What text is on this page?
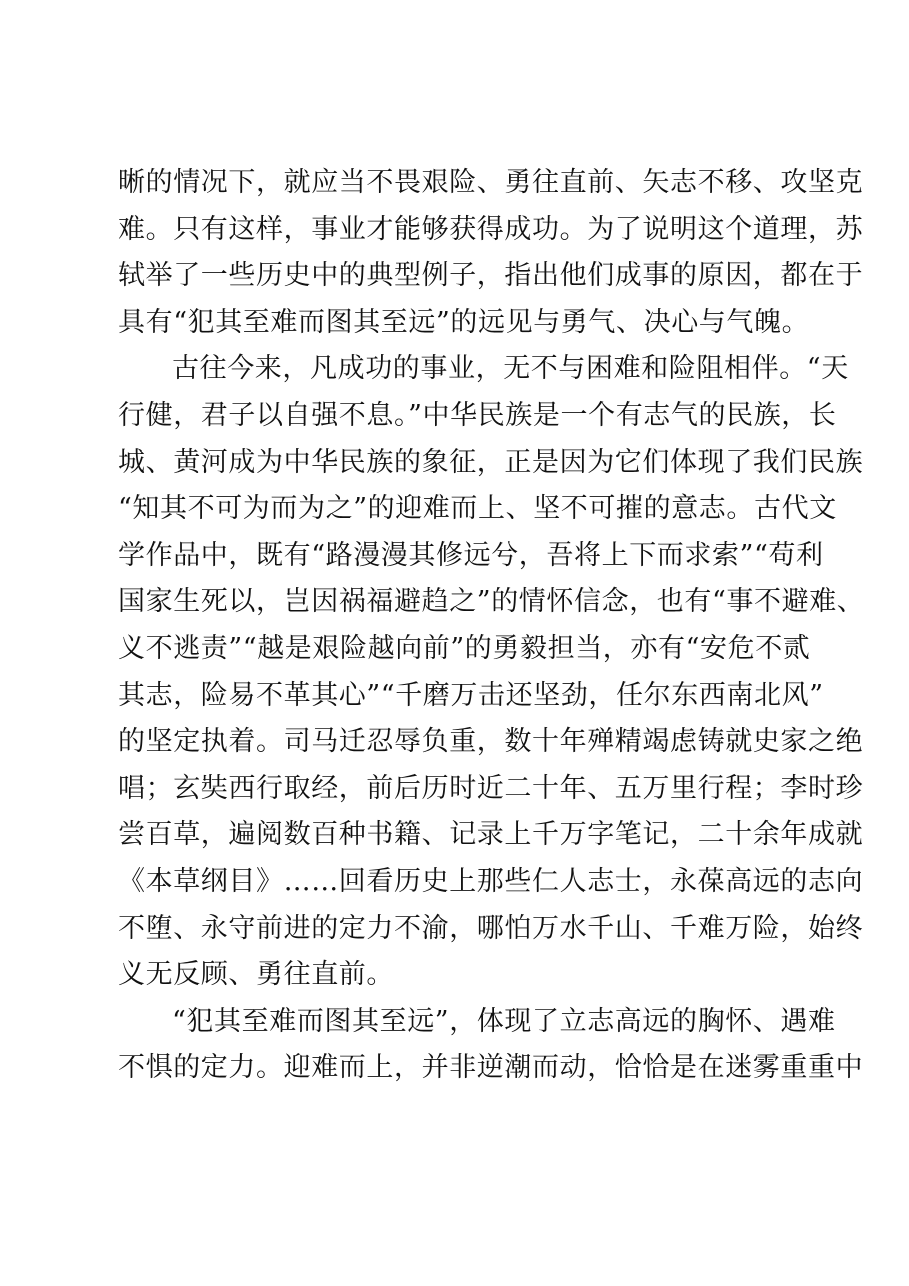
晰的情况下，就应当不畏艰险、勇往直前、矢志不移、攻坚克
难。只有这样，事业才能够获得成功。为了说明这个道理，苏
轼举了一些历史中的典型例子，指出他们成事的原因，都在于
具有“犯其至难而图其至远”的远见与勇气、决心与气魄。
古往今来，凡成功的事业，无不与困难和险阻相伴。“天
行健，君子以自强不息。”中华民族是一个有志气的民族，长
城、黄河成为中华民族的象征，正是因为它们体现了我们民族
“知其不可为而为之”的迎难而上、坚不可摧的意志。古代文
学作品中，既有“路漫漫其修远兮，吾将上下而求索”“苟利
国家生死以，岂因祸福避趋之”的情怀信念，也有“事不避难、
义不逃责”“越是艰险越向前”的勇毅担当，亦有“安危不贰
其志，险易不革其心”“千磨万击还坚劲，任尔东西南北风”
的坚定执着。司马迁忍辱负重，数十年殚精竭虑铸就史家之绝
唱；玄奘西行取经，前后历时近二十年、五万里行程；李时珍
尝百草，遍阅数百种书籍、记录上千万字笔记，二十余年成就
《本草纲目》……回看历史上那些仁人志士，永葆高远的志向
不堕、永守前进的定力不渝，哪怕万水千山、千难万险，始终
义无反顾、勇往直前。
“犯其至难而图其至远”，体现了立志高远的胸怀、遇难
不惧的定力。迎难而上，并非逆潮而动，恰恰是在迷雾重重中
